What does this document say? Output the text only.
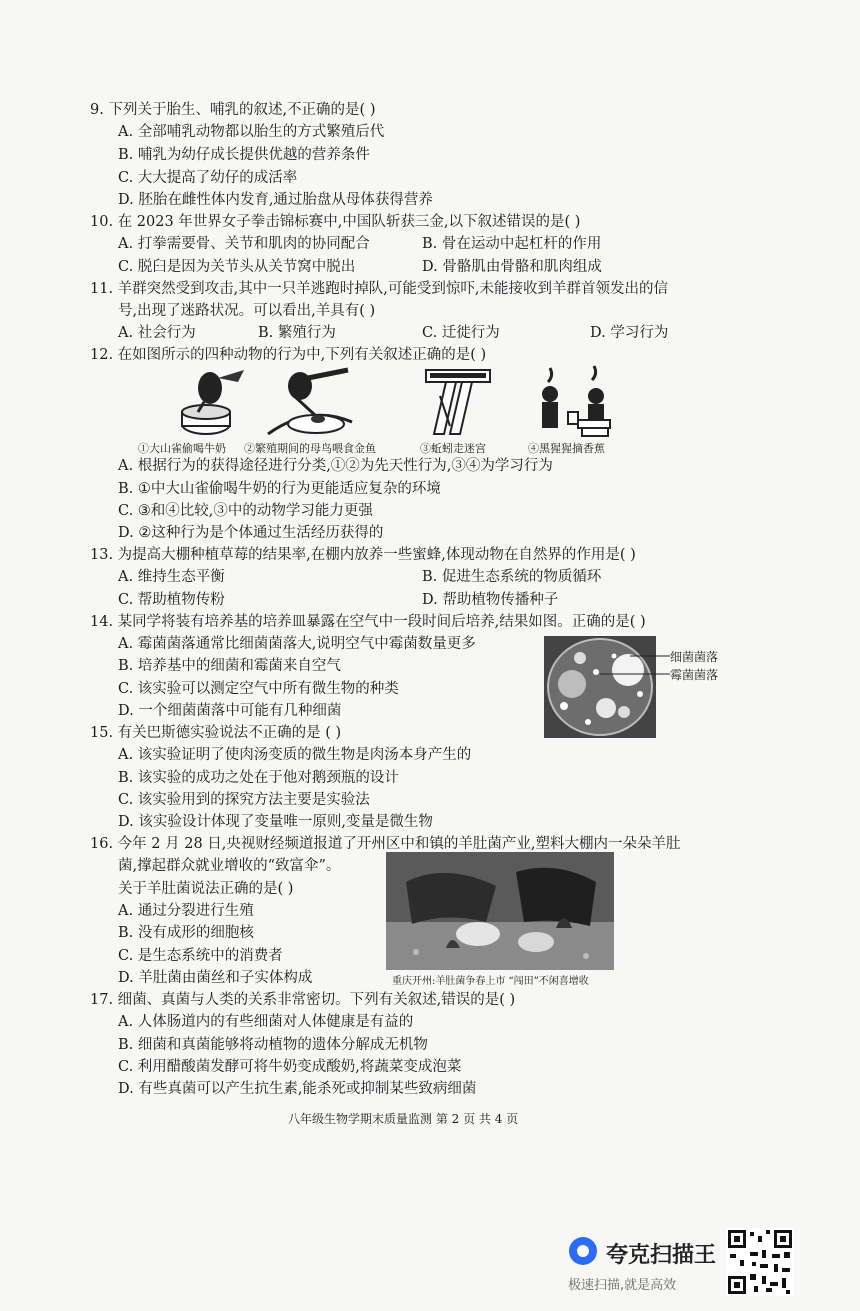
9. 下列关于胎生、哺乳的叙述,不正确的是( )
A. 全部哺乳动物都以胎生的方式繁殖后代
B. 哺乳为幼仔成长提供优越的营养条件
C. 大大提高了幼仔的成活率
D. 胚胎在雌性体内发育,通过胎盘从母体获得营养
10. 在 2023 年世界女子拳击锦标赛中,中国队斩获三金,以下叙述错误的是( )
A. 打拳需要骨、关节和肌肉的协同配合	B. 骨在运动中起杠杆的作用
C. 脱臼是因为关节头从关节窝中脱出	D. 骨骼肌由骨骼和肌肉组成
11. 羊群突然受到攻击,其中一只羊逃跑时掉队,可能受到惊吓,未能接收到羊群首领发出的信
号,出现了迷路状况。可以看出,羊具有( )
A. 社会行为	B. 繁殖行为	C. 迁徙行为	D. 学习行为
12. 在如图所示的四种动物的行为中,下列有关叙述正确的是( )
①大山雀偷喝牛奶 ②繁殖期间的母鸟喂食金鱼	③蚯蚓走迷宫	④黑猩猩摘香蕉
A. 根据行为的获得途径进行分类,①②为先天性行为,③④为学习行为
B. ①中大山雀偷喝牛奶的行为更能适应复杂的环境
C. ③和④比较,③中的动物学习能力更强
D. ②这种行为是个体通过生活经历获得的
13. 为提高大棚种植草莓的结果率,在棚内放养一些蜜蜂,体现动物在自然界的作用是( )
A. 维持生态平衡	B. 促进生态系统的物质循环
C. 帮助植物传粉	D. 帮助植物传播种子
14. 某同学将装有培养基的培养皿暴露在空气中一段时间后培养,结果如图。正确的是( )
A. 霉菌菌落通常比细菌菌落大,说明空气中霉菌数量更多
B. 培养基中的细菌和霉菌来自空气
C. 该实验可以测定空气中所有微生物的种类
D. 一个细菌菌落中可能有几种细菌
细菌菌落
霉菌菌落
15. 有关巴斯德实验说法不正确的是 ( )
A. 该实验证明了使肉汤变质的微生物是肉汤本身产生的
B. 该实验的成功之处在于他对鹅颈瓶的设计
C. 该实验用到的探究方法主要是实验法
D. 该实验设计体现了变量唯一原则,变量是微生物
16. 今年 2 月 28 日,央视财经频道报道了开州区中和镇的羊肚菌产业,塑料大棚内一朵朵羊肚
菌,撑起群众就业增收的“致富伞”。
关于羊肚菌说法正确的是( )
A. 通过分裂进行生殖
B. 没有成形的细胞核
C. 是生态系统中的消费者
D. 羊肚菌由菌丝和子实体构成	重庆开州:羊肚菌争春上市 “闯田”不闲喜增收
17. 细菌、真菌与人类的关系非常密切。下列有关叙述,错误的是( )
A. 人体肠道内的有些细菌对人体健康是有益的
B. 细菌和真菌能够将动植物的遗体分解成无机物
C. 利用醋酸菌发酵可将牛奶变成酸奶,将蔬菜变成泡菜
D. 有些真菌可以产生抗生素,能杀死或抑制某些致病细菌
八年级生物学期末质量监测 第 2 页 共 4 页
夸克扫描王
极速扫描,就是高效
